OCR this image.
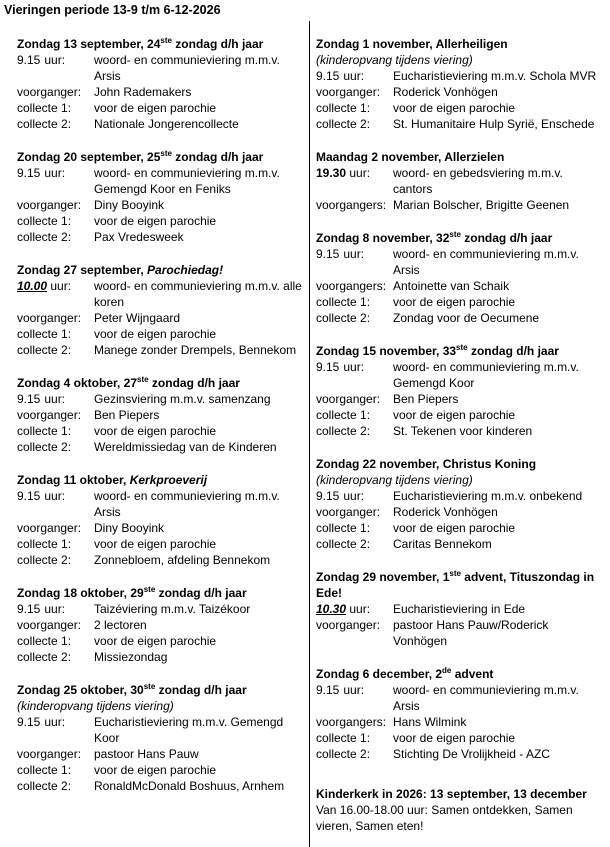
Vieringen periode 13-9 t/m 6-12-2026
Zondag 13 september, 24ste zondag d/h jaar
9.15 uur:	woord- en communieviering m.m.v. Arsis
voorganger:	John Rademakers
collecte 1:	voor de eigen parochie
collecte 2:	Nationale Jongerencollecte
Zondag 20 september, 25ste zondag d/h jaar
9.15 uur:	woord- en communieviering m.m.v. Gemengd Koor en Feniks
voorganger:	Diny Booyink
collecte 1:	voor de eigen parochie
collecte 2:	Pax Vredesweek
Zondag 27 september, Parochiedag!
10.00 uur:	woord- en communieviering m.m.v. alle koren
voorganger:	Peter Wijngaard
collecte 1:	voor de eigen parochie
collecte 2:	Manege zonder Drempels, Bennekom
Zondag 4 oktober, 27ste zondag d/h jaar
9.15 uur:	Gezinsviering m.m.v. samenzang
voorganger:	Ben Piepers
collecte 1:	voor de eigen parochie
collecte 2:	Wereldmissiedag van de Kinderen
Zondag 11 oktober, Kerkproeverij
9.15 uur:	woord- en communieviering m.m.v. Arsis
voorganger:	Diny Booyink
collecte 1:	voor de eigen parochie
collecte 2:	Zonnebloem, afdeling Bennekom
Zondag 18 oktober, 29ste zondag d/h jaar
9.15 uur:	Taizéviering m.m.v. Taizékoor
voorganger:	2 lectoren
collecte 1:	voor de eigen parochie
collecte 2:	Missiezondag
Zondag 25 oktober, 30ste zondag d/h jaar
(kinderopvang tijdens viering)
9.15 uur:	Eucharistieviering m.m.v. Gemengd Koor
voorganger:	pastoor Hans Pauw
collecte 1:	voor de eigen parochie
collecte 2:	RonaldMcDonald Boshuus, Arnhem
Zondag 1 november, Allerheiligen
(kinderopvang tijdens viering)
9.15 uur:	Eucharistieviering m.m.v. Schola MVR
voorganger:	Roderick Vonhögen
collecte 1:	voor de eigen parochie
collecte 2:	St. Humanitaire Hulp Syrië, Enschede
Maandag 2 november, Allerzielen
19.30 uur:	woord- en gebedsviering m.m.v. cantors
voorgangers: Marian Bolscher, Brigitte Geenen
Zondag 8 november, 32ste zondag d/h jaar
9.15 uur:	woord- en communieviering m.m.v. Arsis
voorgangers: Antoinette van Schaik
collecte 1:	voor de eigen parochie
collecte 2:	Zondag voor de Oecumene
Zondag 15 november, 33ste zondag d/h jaar
9.15 uur:	woord- en communieviering m.m.v. Gemengd Koor
voorganger:	Ben Piepers
collecte 1:	voor de eigen parochie
collecte 2:	St. Tekenen voor kinderen
Zondag 22 november, Christus Koning
(kinderopvang tijdens viering)
9.15 uur:	Eucharistieviering m.m.v. onbekend
voorganger:	Roderick Vonhögen
collecte 1:	voor de eigen parochie
collecte 2:	Caritas Bennekom
Zondag 29 november, 1ste advent, Tituszondag in Ede!
10.30 uur:	Eucharistieviering in Ede
voorganger:	pastoor Hans Pauw/Roderick Vonhögen
Zondag 6 december, 2de advent
9.15 uur:	woord- en communieviering m.m.v. Arsis
voorgangers: Hans Wilmink
collecte 1:	voor de eigen parochie
collecte 2:	Stichting De Vrolijkheid - AZC
Kinderkerk in 2026: 13 september, 13 december
Van 16.00-18.00 uur: Samen ontdekken, Samen vieren, Samen eten!
